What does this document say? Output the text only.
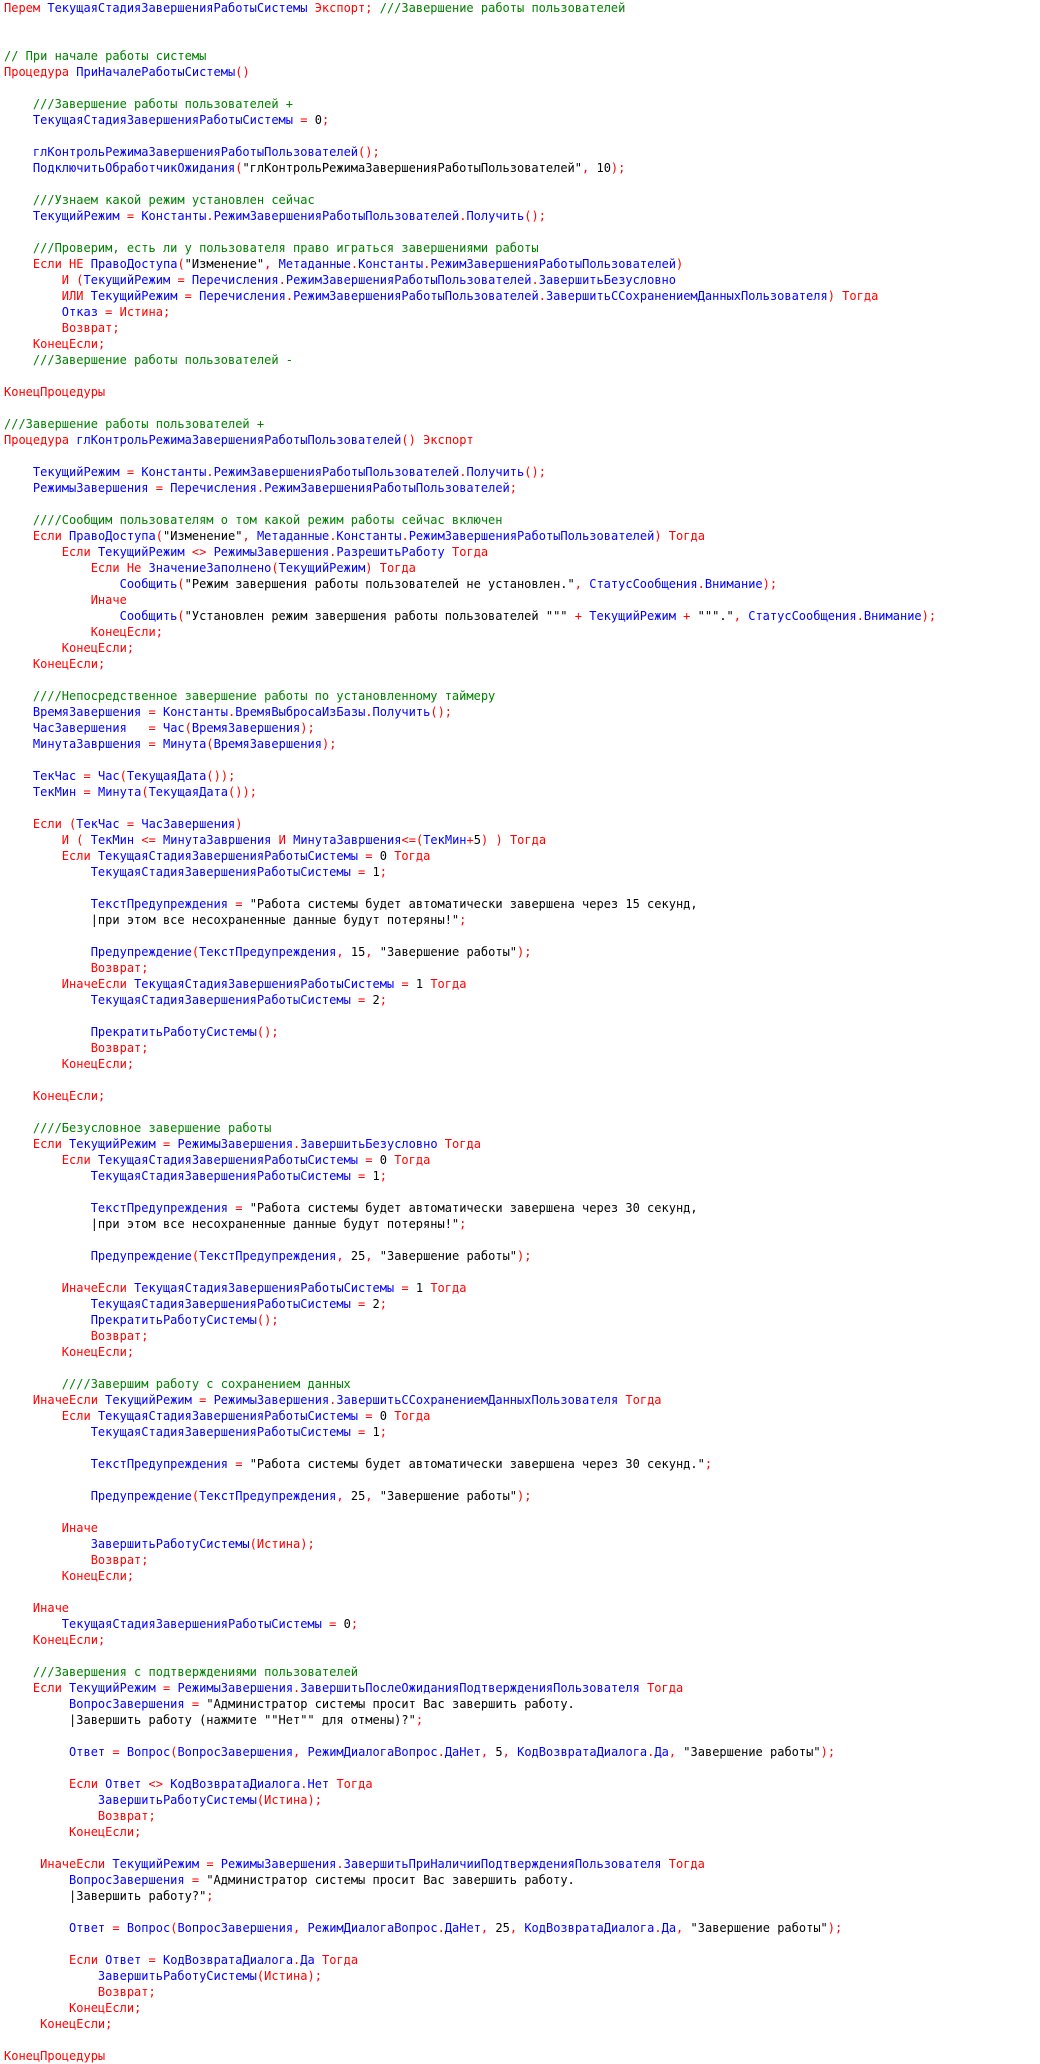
Перем ТекущаяСтадияЗавершенияРаботыСистемы Экспорт; ///Завершение работы пользователей
// При начале работы системы
Процедура ПриНачалеРаботыСистемы()
///Завершение работы пользователей +
ТекущаяСтадияЗавершенияРаботыСистемы = 0;
глКонтрольРежимаЗавершенияРаботыПользователей();
ПодключитьОбработчикОжидания("глКонтрольРежимаЗавершенияРаботыПользователей", 10);
///Узнаем какой режим установлен сейчас
ТекущийРежим = Константы.РежимЗавершенияРаботыПользователей.Получить();
///Проверим, есть ли у пользователя право играться завершениями работы
Если НЕ ПравоДоступа("Изменение", Метаданные.Константы.РежимЗавершенияРаботыПользователей)
И (ТекущийРежим = Перечисления.РежимЗавершенияРаботыПользователей.ЗавершитьБезусловно
ИЛИ ТекущийРежим = Перечисления.РежимЗавершенияРаботыПользователей.ЗавершитьССохранениемДанныхПользователя) Тогда
Отказ = Истина;
Возврат;
КонецЕсли;
///Завершение работы пользователей -
КонецПроцедуры
///Завершение работы пользователей +
Процедура глКонтрольРежимаЗавершенияРаботыПользователей() Экспорт
ТекущийРежим = Константы.РежимЗавершенияРаботыПользователей.Получить();
РежимыЗавершения = Перечисления.РежимЗавершенияРаботыПользователей;
////Сообщим пользователям о том какой режим работы сейчас включен
Если ПравоДоступа("Изменение", Метаданные.Константы.РежимЗавершенияРаботыПользователей) Тогда
Если ТекущийРежим <> РежимыЗавершения.РазрешитьРаботу Тогда
Если Не ЗначениеЗаполнено(ТекущийРежим) Тогда
Сообщить("Режим завершения работы пользователей не установлен.", СтатусСообщения.Внимание);
Иначе
Сообщить("Установлен режим завершения работы пользователей """ + ТекущийРежим + """.", СтатусСообщения.Внимание);
КонецЕсли;
КонецЕсли;
КонецЕсли;
////Непосредственное завершение работы по установленному таймеру
ВремяЗавершения = Константы.ВремяВыбросаИзБазы.Получить();
ЧасЗавершения = Час(ВремяЗавершения);
МинутаЗавршения = Минута(ВремяЗавершения);
ТекЧас = Час(ТекущаяДата());
ТекМин = Минута(ТекущаяДата());
Если (ТекЧас = ЧасЗавершения)
И ( ТекМин <= МинутаЗавршения И МинутаЗавршения<=(ТекМин+5) ) Тогда
Если ТекущаяСтадияЗавершенияРаботыСистемы = 0 Тогда
ТекущаяСтадияЗавершенияРаботыСистемы = 1;
ТекстПредупреждения = "Работа системы будет автоматически завершена через 15 секунд,
|при этом все несохраненные данные будут потеряны!";
Предупреждение(ТекстПредупреждения, 15, "Завершение работы");
Возврат;
ИначеЕсли ТекущаяСтадияЗавершенияРаботыСистемы = 1 Тогда
ТекущаяСтадияЗавершенияРаботыСистемы = 2;
ПрекратитьРаботуСистемы();
Возврат;
КонецЕсли;
КонецЕсли;
////Безусловное завершение работы
Если ТекущийРежим = РежимыЗавершения.ЗавершитьБезусловно Тогда
Если ТекущаяСтадияЗавершенияРаботыСистемы = 0 Тогда
ТекущаяСтадияЗавершенияРаботыСистемы = 1;
ТекстПредупреждения = "Работа системы будет автоматически завершена через 30 секунд,
|при этом все несохраненные данные будут потеряны!";
Предупреждение(ТекстПредупреждения, 25, "Завершение работы");
ИначеЕсли ТекущаяСтадияЗавершенияРаботыСистемы = 1 Тогда
ТекущаяСтадияЗавершенияРаботыСистемы = 2;
ПрекратитьРаботуСистемы();
Возврат;
КонецЕсли;
////Завершим работу с сохранением данных
ИначеЕсли ТекущийРежим = РежимыЗавершения.ЗавершитьССохранениемДанныхПользователя Тогда
Если ТекущаяСтадияЗавершенияРаботыСистемы = 0 Тогда
ТекущаяСтадияЗавершенияРаботыСистемы = 1;
ТекстПредупреждения = "Работа системы будет автоматически завершена через 30 секунд.";
Предупреждение(ТекстПредупреждения, 25, "Завершение работы");
Иначе
ЗавершитьРаботуСистемы(Истина);
Возврат;
КонецЕсли;
Иначе
ТекущаяСтадияЗавершенияРаботыСистемы = 0;
КонецЕсли;
///Завершения с подтверждениями пользователей
Если ТекущийРежим = РежимыЗавершения.ЗавершитьПослеОжиданияПодтвержденияПользователя Тогда
ВопросЗавершения = "Администратор системы просит Вас завершить работу.
|Завершить работу (нажмите ""Нет"" для отмены)?";
Ответ = Вопрос(ВопросЗавершения, РежимДиалогаВопрос.ДаНет, 5, КодВозвратаДиалога.Да, "Завершение работы");
Если Ответ <> КодВозвратаДиалога.Нет Тогда
ЗавершитьРаботуСистемы(Истина);
Возврат;
КонецЕсли;
ИначеЕсли ТекущийРежим = РежимыЗавершения.ЗавершитьПриНаличииПодтвержденияПользователя Тогда
ВопросЗавершения = "Администратор системы просит Вас завершить работу.
|Завершить работу?";
Ответ = Вопрос(ВопросЗавершения, РежимДиалогаВопрос.ДаНет, 25, КодВозвратаДиалога.Да, "Завершение работы");
Если Ответ = КодВозвратаДиалога.Да Тогда
ЗавершитьРаботуСистемы(Истина);
Возврат;
КонецЕсли;
КонецЕсли;
КонецПроцедуры
